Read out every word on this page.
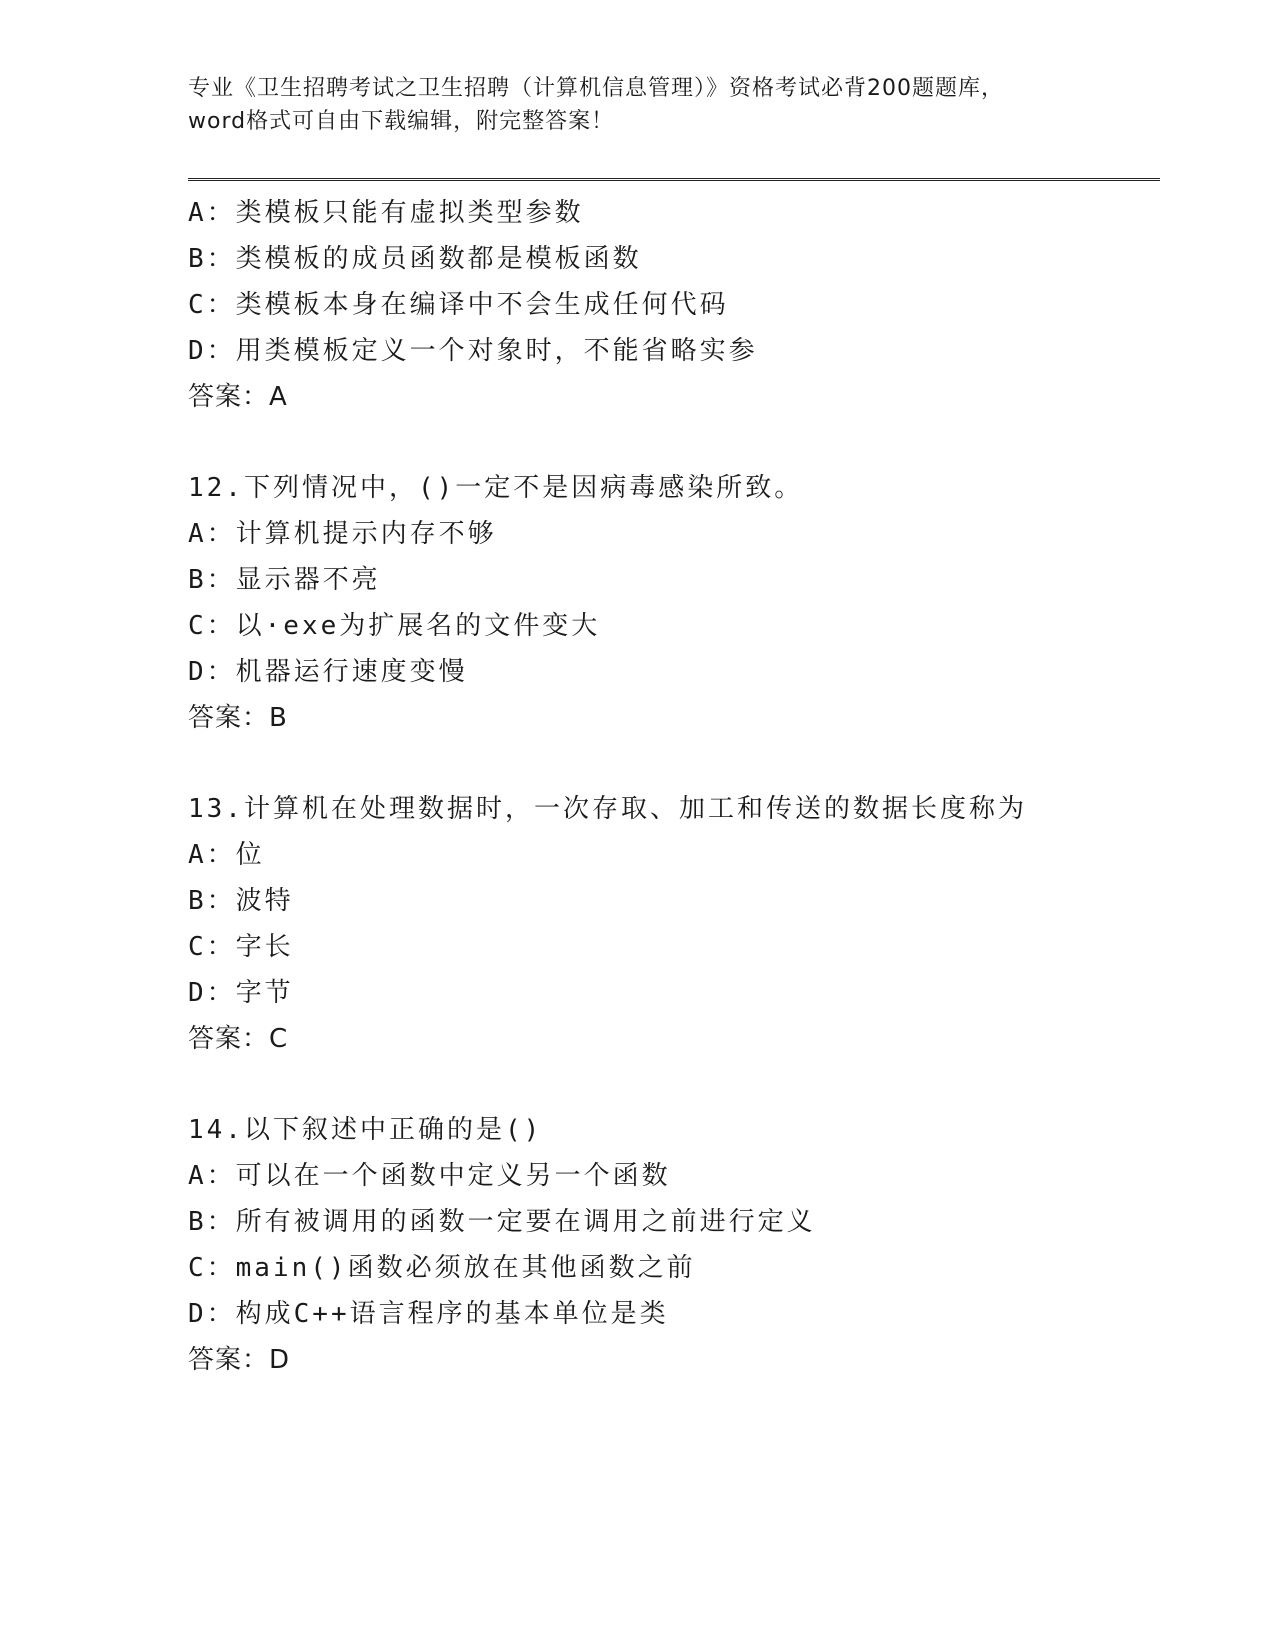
专业《卫生招聘考试之卫生招聘（计算机信息管理）》资格考试必背200题题库，
word格式可自由下载编辑，附完整答案！
A：类模板只能有虚拟类型参数
B：类模板的成员函数都是模板函数
C：类模板本身在编译中不会生成任何代码
D：用类模板定义一个对象时，不能省略实参
答案：A
12.下列情况中，()一定不是因病毒感染所致。
A：计算机提示内存不够
B：显示器不亮
C：以·exe为扩展名的文件变大
D：机器运行速度变慢
答案：B
13.计算机在处理数据时，一次存取、加工和传送的数据长度称为
A：位
B：波特
C：字长
D：字节
答案：C
14.以下叙述中正确的是()
A：可以在一个函数中定义另一个函数
B：所有被调用的函数一定要在调用之前进行定义
C：main()函数必须放在其他函数之前
D：构成C++语言程序的基本单位是类
答案：D
